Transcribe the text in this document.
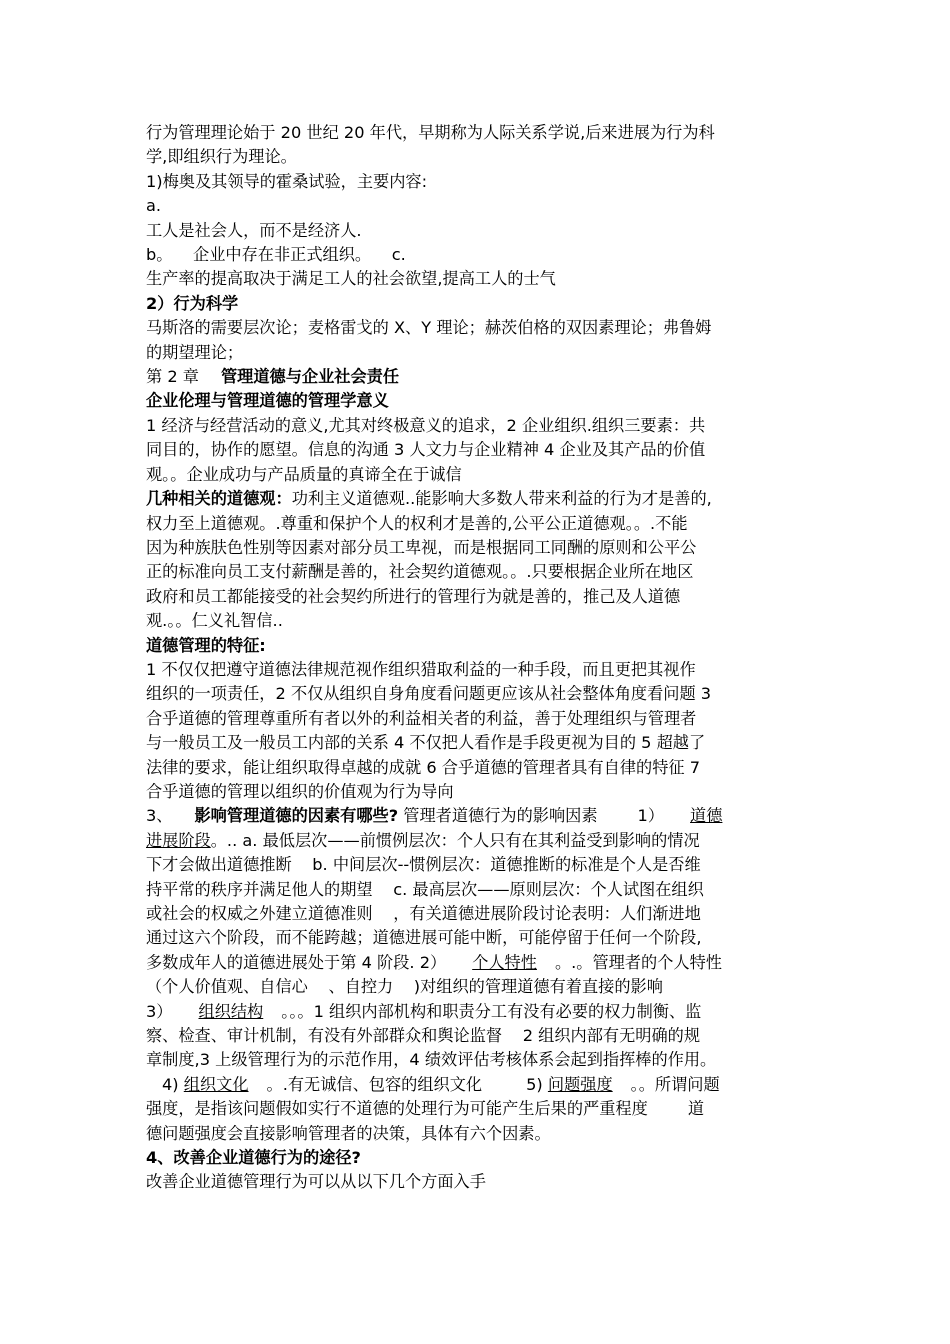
行为管理理论始于 20 世纪 20 年代，早期称为人际关系学说,后来进展为行为科

学,即组织行为理论。

1)梅奥及其领导的霍桑试验，主要内容:

a.

工人是社会人，而不是经济人.

b。    企业中存在非正式组织。    c.

生产率的提高取决于满足工人的社会欲望,提高工人的士气

2）行为科学

马斯洛的需要层次论；麦格雷戈的 X、Y 理论；赫茨伯格的双因素理论；弗鲁姆

的期望理论；

第 2 章 管理道德与企业社会责任

企业伦理与管理道德的管理学意义

1 经济与经营活动的意义,尤其对终极意义的追求，2 企业组织.组织三要素：共

同目的，协作的愿望。信息的沟通 3 人文力与企业精神 4 企业及其产品的价值

观。。企业成功与产品质量的真谛全在于诚信

几种相关的道德观：功利主义道德观..能影响大多数人带来利益的行为才是善的,

权力至上道德观。.尊重和保护个人的权利才是善的,公平公正道德观。。.不能

因为种族肤色性别等因素对部分员工卑视，而是根据同工同酬的原则和公平公

正的标准向员工支付薪酬是善的，社会契约道德观。。.只要根据企业所在地区

政府和员工都能接受的社会契约所进行的管理行为就是善的，推己及人道德

观.。。仁义礼智信..

道德管理的特征:

1 不仅仅把遵守道德法律规范视作组织猎取利益的一种手段，而且更把其视作

组织的一项责任，2 不仅从组织自身角度看问题更应该从社会整体角度看问题 3

合乎道德的管理尊重所有者以外的利益相关者的利益，善于处理组织与管理者

与一般员工及一般员工内部的关系 4 不仅把人看作是手段更视为目的 5 超越了

法律的要求，能让组织取得卓越的成就 6 合乎道德的管理者具有自律的特征 7

合乎道德的管理以组织的价值观为行为导向

3、 影响管理道德的因素有哪些? 管理者道德行为的影响因素 1） 道德

进展阶段。.. a. 最低层次——前惯例层次：个人只有在其利益受到影响的情况

下才会做出道德推断    b. 中间层次--惯例层次：道德推断的标准是个人是否维

持平常的秩序并满足他人的期望    c. 最高层次——原则层次：个人试图在组织

或社会的权威之外建立道德准则    ，有关道德进展阶段讨论表明：人们渐进地

通过这六个阶段，而不能跨越；道德进展可能中断，可能停留于任何一个阶段,

多数成年人的道德进展处于第 4 阶段. 2） 个人特性 。.。管理者的个人特性

（个人价值观、自信心    、自控力    )对组织的管理道德有着直接的影响

3） 组织结构 。。。1 组织内部机构和职责分工有没有必要的权力制衡、监

察、检查、审计机制，有没有外部群众和舆论监督    2 组织内部有无明确的规

章制度,3 上级管理行为的示范作用，4 绩效评估考核体系会起到指挥棒的作用。

4) 组织文化 。.有无诚信、包容的组织文化	5) 问题强度 。。所谓问题

强度，是指该问题假如实行不道德的处理行为可能产生后果的严重程度 道

德问题强度会直接影响管理者的决策，具体有六个因素。

4、改善企业道德行为的途径?

改善企业道德管理行为可以从以下几个方面入手
